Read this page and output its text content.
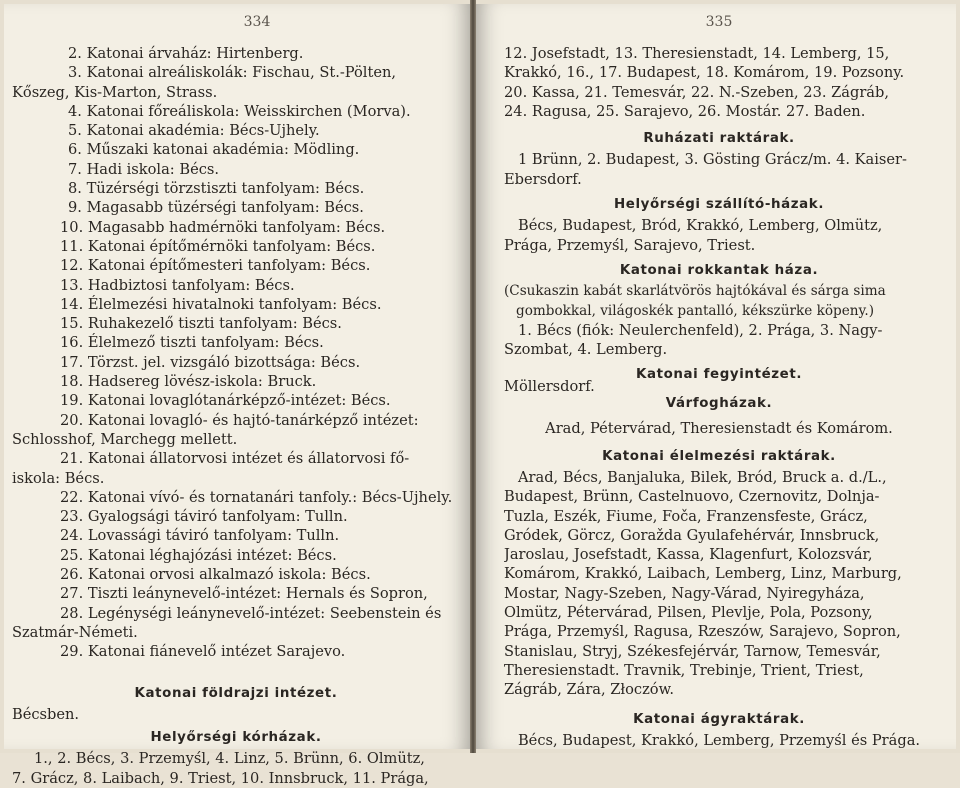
334
2. Katonai árvaház: Hirtenberg.
3. Katonai alreáliskolák: Fischau, St.-Pölten,
Kőszeg, Kis-Marton, Strass.
4. Katonai főreáliskola: Weisskirchen (Morva).
5. Katonai akadémia: Bécs-Ujhely.
6. Műszaki katonai akadémia: Mödling.
7. Hadi iskola: Bécs.
8. Tüzérségi törzstiszti tanfolyam: Bécs.
9. Magasabb tüzérségi tanfolyam: Bécs.
10. Magasabb hadmérnöki tanfolyam: Bécs.
11. Katonai építőmérnöki tanfolyam: Bécs.
12. Katonai építőmesteri tanfolyam: Bécs.
13. Hadbiztosi tanfolyam: Bécs.
14. Élelmezési hivatalnoki tanfolyam: Bécs.
15. Ruhakezelő tiszti tanfolyam: Bécs.
16. Élelmező tiszti tanfolyam: Bécs.
17. Törzst. jel. vizsgáló bizottsága: Bécs.
18. Hadsereg lövész-iskola: Bruck.
19. Katonai lovaglótanárképző-intézet: Bécs.
20. Katonai lovagló- és hajtó-tanárképző intézet:
Schlosshof, Marchegg mellett.
21. Katonai állatorvosi intézet és állatorvosi fő-
iskola: Bécs.
22. Katonai vívó- és tornatanári tanfoly.: Bécs-Ujhely.
23. Gyalogsági táviró tanfolyam: Tulln.
24. Lovassági táviró tanfolyam: Tulln.
25. Katonai léghajózási intézet: Bécs.
26. Katonai orvosi alkalmazó iskola: Bécs.
27. Tiszti leánynevelő-intézet: Hernals és Sopron,
28. Legénységi leánynevelő-intézet: Seebenstein és
Szatmár-Németi.
29. Katonai fiánevelő intézet Sarajevo.
Katonai földrajzi intézet.
Bécsben.
Helyőrségi kórházak.
1., 2. Bécs, 3. Przemyśl, 4. Linz, 5. Brünn, 6. Olmütz,
7. Grácz, 8. Laibach, 9. Triest, 10. Innsbruck, 11. Prága,
335
12. Josefstadt, 13. Theresienstadt, 14. Lemberg, 15,
Krakkó, 16., 17. Budapest, 18. Komárom, 19. Pozsony.
20. Kassa, 21. Temesvár, 22. N.-Szeben, 23. Zágráb,
24. Ragusa, 25. Sarajevo, 26. Mostár. 27. Baden.
Ruházati raktárak.
1 Brünn, 2. Budapest, 3. Gösting Grácz/m. 4. Kaiser-
Ebersdorf.
Helyőrségi szállító-házak.
Bécs, Budapest, Bród, Krakkó, Lemberg, Olmütz,
Prága, Przemyśl, Sarajevo, Triest.
Katonai rokkantak háza.
(Csukaszin kabát skarlátvörös hajtókával és sárga sima
gombokkal, világoskék pantalló, kékszürke köpeny.)
1. Bécs (fiók: Neulerchenfeld), 2. Prága, 3. Nagy-
Szombat, 4. Lemberg.
Katonai fegyintézet.
Möllersdorf.
Várfogházak.
Arad, Pétervárad, Theresienstadt és Komárom.
Katonai élelmezési raktárak.
Arad, Bécs, Banjaluka, Bilek, Bród, Bruck a. d./L.,
Budapest, Brünn, Castelnuovo, Czernovitz, Dolnja-
Tuzla, Eszék, Fiume, Foča, Franzensfeste, Grácz,
Gródek, Görcz, Goražda Gyulafehérvár, Innsbruck,
Jaroslau, Josefstadt, Kassa, Klagenfurt, Kolozsvár,
Komárom, Krakkó, Laibach, Lemberg, Linz, Marburg,
Mostar, Nagy-Szeben, Nagy-Várad, Nyiregyháza,
Olmütz, Pétervárad, Pilsen, Plevlje, Pola, Pozsony,
Prága, Przemyśl, Ragusa, Rzeszów, Sarajevo, Sopron,
Stanislau, Stryj, Székesfejérvár, Tarnow, Temesvár,
Theresienstadt. Travnik, Trebinje, Trient, Triest,
Zágráb, Zára, Złoczów.
Katonai ágyraktárak.
Bécs, Budapest, Krakkó, Lemberg, Przemyśl és Prága.
